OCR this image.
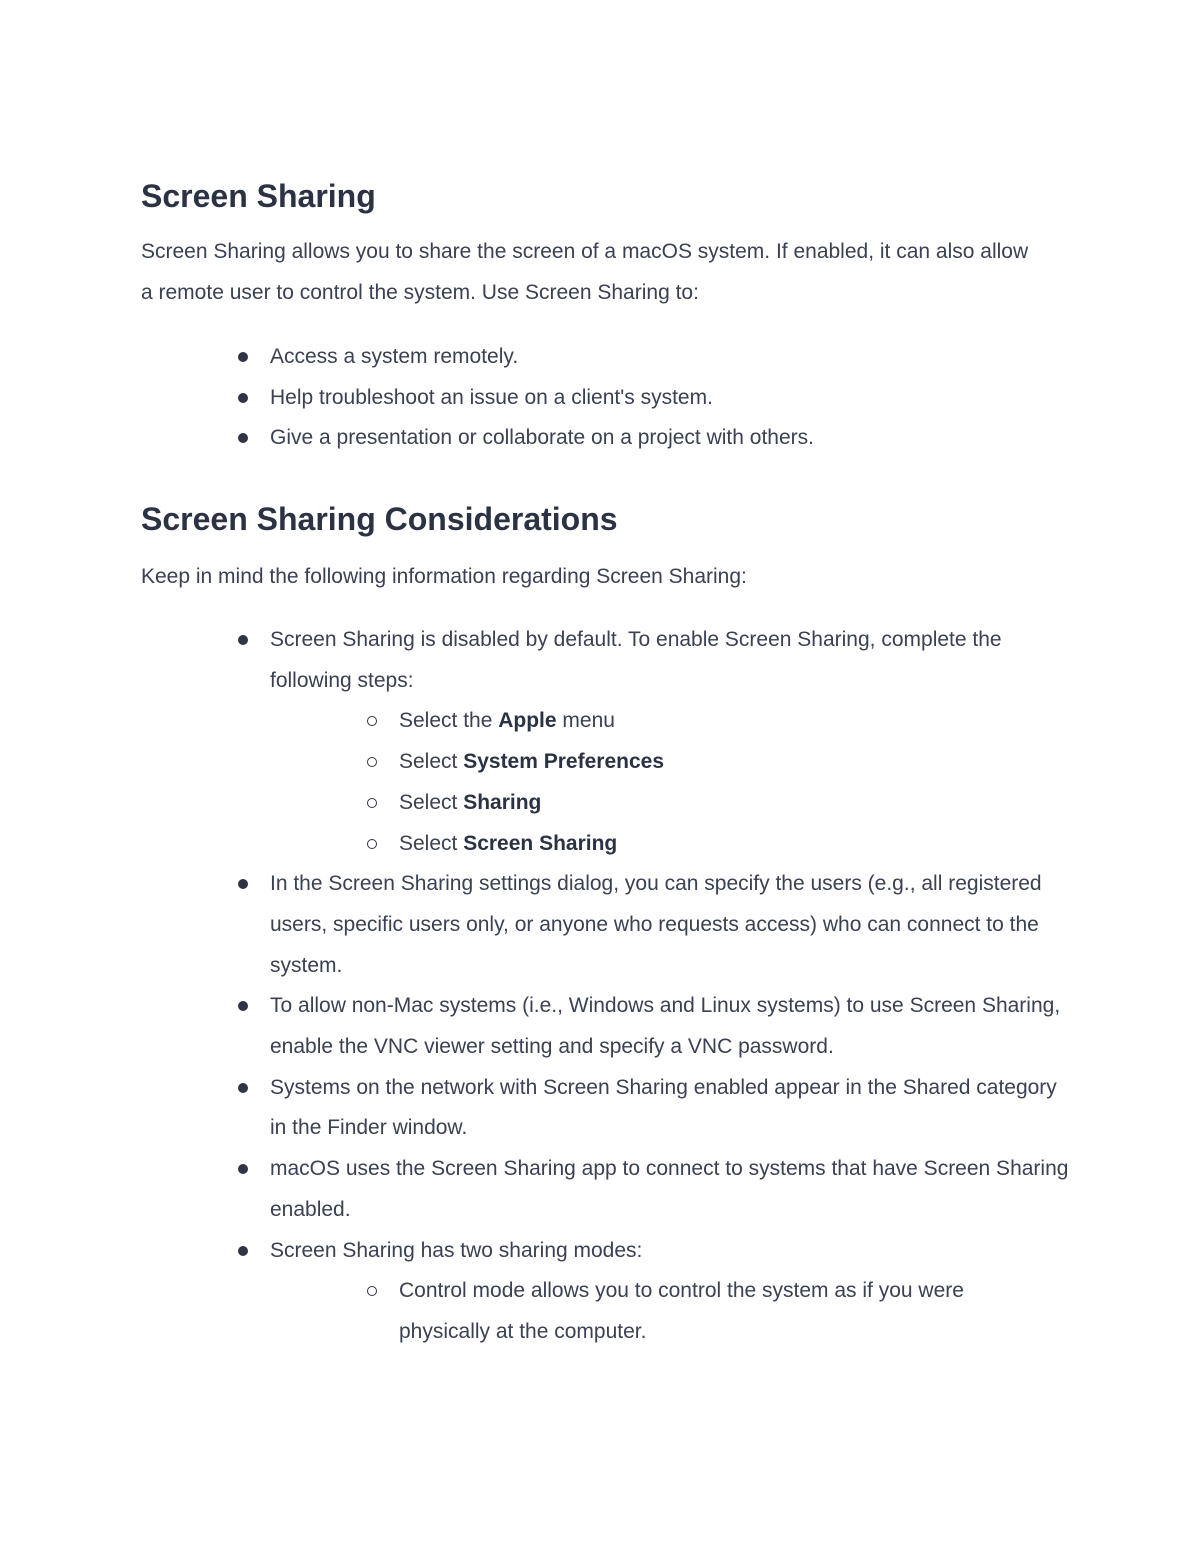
Screen Sharing

Screen Sharing allows you to share the screen of a macOS system. If enabled, it can also allow a remote user to control the system. Use Screen Sharing to:

Access a system remotely.
Help troubleshoot an issue on a client's system.
Give a presentation or collaborate on a project with others.
Screen Sharing Considerations

Keep in mind the following information regarding Screen Sharing:

Screen Sharing is disabled by default. To enable Screen Sharing, complete the following steps:
Select the Apple menu
Select System Preferences
Select Sharing
Select Screen Sharing
In the Screen Sharing settings dialog, you can specify the users (e.g., all registered users, specific users only, or anyone who requests access) who can connect to the system.
To allow non-Mac systems (i.e., Windows and Linux systems) to use Screen Sharing, enable the VNC viewer setting and specify a VNC password.
Systems on the network with Screen Sharing enabled appear in the Shared category in the Finder window.
macOS uses the Screen Sharing app to connect to systems that have Screen Sharing enabled.
Screen Sharing has two sharing modes:
Control mode allows you to control the system as if you were physically at the computer.
